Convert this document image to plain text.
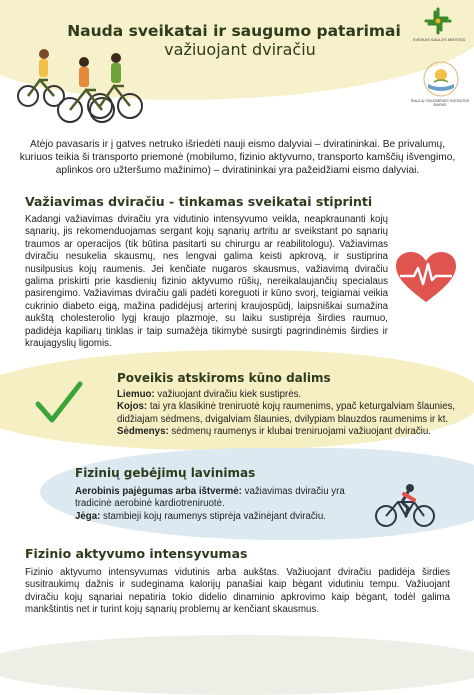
Nauda sveikatai ir saugumo patarimai
važiuojant dviračiu
SVEIKAS SAULĖS MIESTAS
ŠIAULIŲ VISUOMENĖS SVEIKATOS BIURAS

Atėjo pavasaris ir į gatves netruko išriedėti nauji eismo dalyviai – dviratininkai. Be privalumų, kuriuos teikia ši transporto priemonė (mobilumo, fizinio aktyvumo, transporto kamščių išvengimo, aplinkos oro užteršumo mažinimo) – dviratininkai yra pažeidžiami eismo dalyviai.

Važiavimas dviračiu - tinkamas sveikatai stiprinti

Kadangi važiavimas dviračiu yra vidutinio intensyvumo veikla, neapkraunanti kojų sąnarių, jis rekomenduojamas sergant kojų sąnarių artritu ar sveikstant po sąnarių traumos ar operacijos (tik būtina pasitarti su chirurgu ar reabilitologu). Važiavimas dviračiu nesukelia skausmų, nes lengvai galima keisti apkrovą, ir sustiprina nusilpusius kojų raumenis. Jei kenčiate nugaros skausmus, važiavimą dviračiu galima priskirti prie kasdienių fizinio aktyvumo rūšių, nereikalaujančių specialaus pasirengimo. Važiavimas dviračiu gali padėti koreguoti ir kūno svorį, teigiamai veikia cukrinio diabeto eigą, mažina padidėjusį arterinį kraujospūdį, laipsniškai sumažina aukštą cholesterolio lygį kraujo plazmoje, su laiku sustiprėja širdies raumuo, padidėja kapiliarų tinklas ir taip sumažėja tikimybė susirgti pagrindinėmis širdies ir kraujagyslių ligomis.

Poveikis atskiroms kūno dalims
Liemuo: važiuojant dviračiu kiek sustiprės.
Kojos: tai yra klasikinė treniruotė kojų raumenims, ypač keturgalviam šlaunies, didžiajam sėdmens, dvigalviam šlaunies, dvilypiam blauzdos raumenims ir kt.
Sėdmenys: sėdmenų raumenys ir klubai treniruojami važiuojant dviračiu.
Fizinių gebėjimų lavinimas
Aerobinis pajėgumas arba ištvermė: važiavimas dviračiu yra tradicinė aerobinė kardiotreniruotė.
Jėga: stambieji kojų raumenys stiprėja važinėjant dviračiu.
Fizinio aktyvumo intensyvumas

Fizinio aktyvumo intensyvumas vidutinis arba aukštas. Važiuojant dviračiu padidėja širdies susitraukimų dažnis ir sudeginama kalorijų panašiai kaip bėgant vidutiniu tempu. Važiuojant dviračiu kojų sąnariai nepatiria tokio didelio dinaminio apkrovimo kaip bėgant, todėl galima mankštintis net ir turint kojų sąnarių problemų ar kenčiant skausmus.
